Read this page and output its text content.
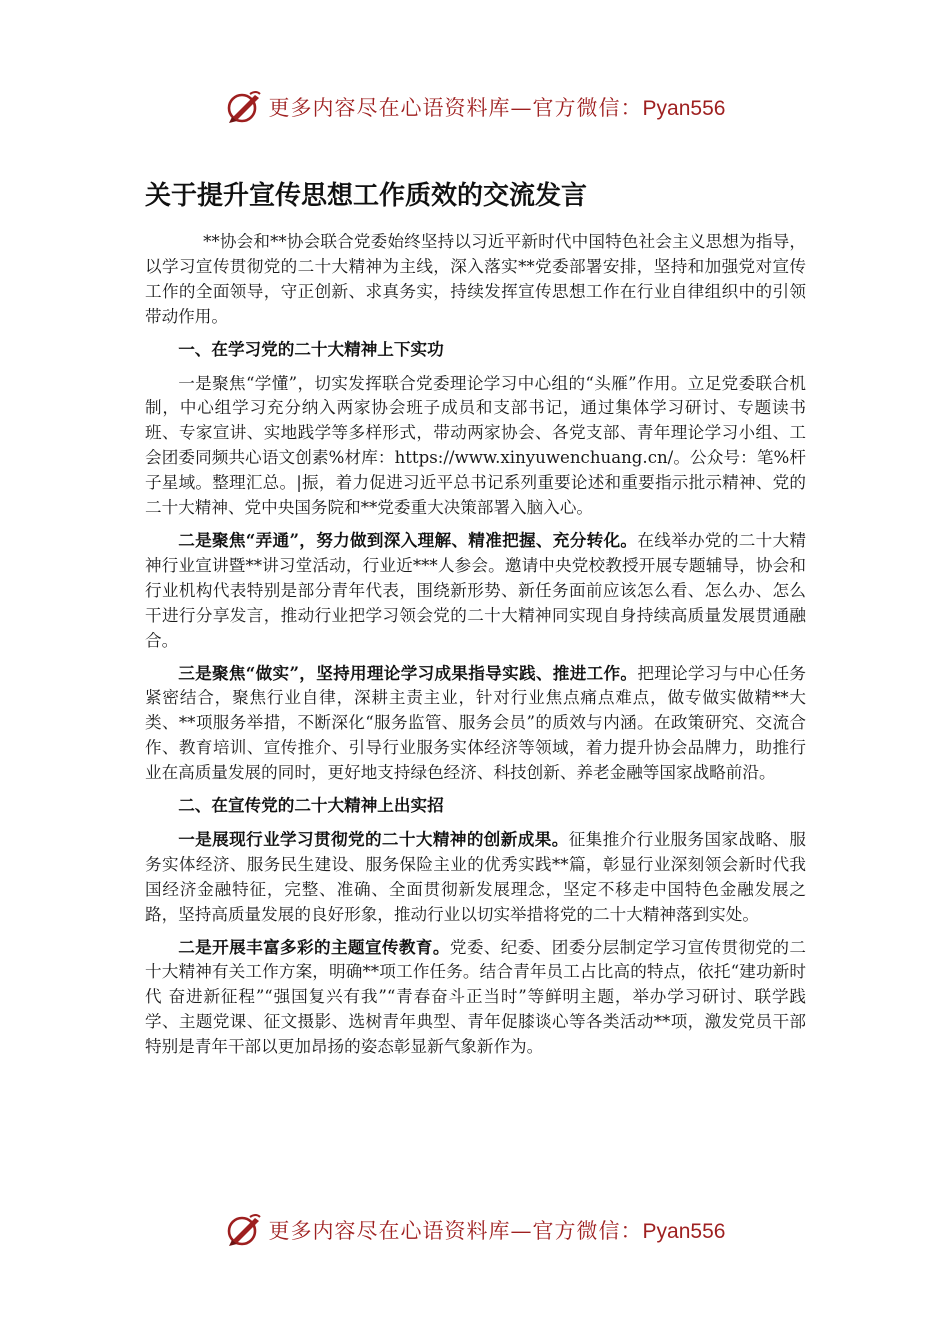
更多内容尽在心语资料库—官方微信：Pyan556
关于提升宣传思想工作质效的交流发言

**协会和**协会联合党委始终坚持以习近平新时代中国特色社会主义思想为指导，以学习宣传贯彻党的二十大精神为主线，深入落实**党委部署安排，坚持和加强党对宣传工作的全面领导，守正创新、求真务实，持续发挥宣传思想工作在行业自律组织中的引领带动作用。

一、在学习党的二十大精神上下实功

一是聚焦“学懂”，切实发挥联合党委理论学习中心组的“头雁”作用。立足党委联合机制，中心组学习充分纳入两家协会班子成员和支部书记，通过集体学习研讨、专题读书班、专家宣讲、实地践学等多样形式，带动两家协会、各党支部、青年理论学习小组、工会团委同频共心语文创素%材库：https://www.xinyuwenchuang.cn/。公众号：笔%杆子星域。整理汇总。|振，着力促进习近平总书记系列重要论述和重要指示批示精神、党的二十大精神、党中央国务院和**党委重大决策部署入脑入心。

二是聚焦“弄通”，努力做到深入理解、精准把握、充分转化。在线举办党的二十大精神行业宣讲暨**讲习堂活动，行业近***人参会。邀请中央党校教授开展专题辅导，协会和行业机构代表特别是部分青年代表，围绕新形势、新任务面前应该怎么看、怎么办、怎么干进行分享发言，推动行业把学习领会党的二十大精神同实现自身持续高质量发展贯通融合。

三是聚焦“做实”，坚持用理论学习成果指导实践、推进工作。把理论学习与中心任务紧密结合，聚焦行业自律，深耕主责主业，针对行业焦点痛点难点，做专做实做精**大类、**项服务举措，不断深化“服务监管、服务会员”的质效与内涵。在政策研究、交流合作、教育培训、宣传推介、引导行业服务实体经济等领域，着力提升协会品牌力，助推行业在高质量发展的同时，更好地支持绿色经济、科技创新、养老金融等国家战略前沿。

二、在宣传党的二十大精神上出实招

一是展现行业学习贯彻党的二十大精神的创新成果。征集推介行业服务国家战略、服务实体经济、服务民生建设、服务保险主业的优秀实践**篇，彰显行业深刻领会新时代我国经济金融特征，完整、准确、全面贯彻新发展理念，坚定不移走中国特色金融发展之路，坚持高质量发展的良好形象，推动行业以切实举措将党的二十大精神落到实处。

二是开展丰富多彩的主题宣传教育。党委、纪委、团委分层制定学习宣传贯彻党的二十大精神有关工作方案，明确**项工作任务。结合青年员工占比高的特点，依托“建功新时代 奋进新征程”“强国复兴有我”“青春奋斗正当时”等鲜明主题，举办学习研讨、联学践学、主题党课、征文摄影、选树青年典型、青年促膝谈心等各类活动**项，激发党员干部特别是青年干部以更加昂扬的姿态彰显新气象新作为。

更多内容尽在心语资料库—官方微信：Pyan556
